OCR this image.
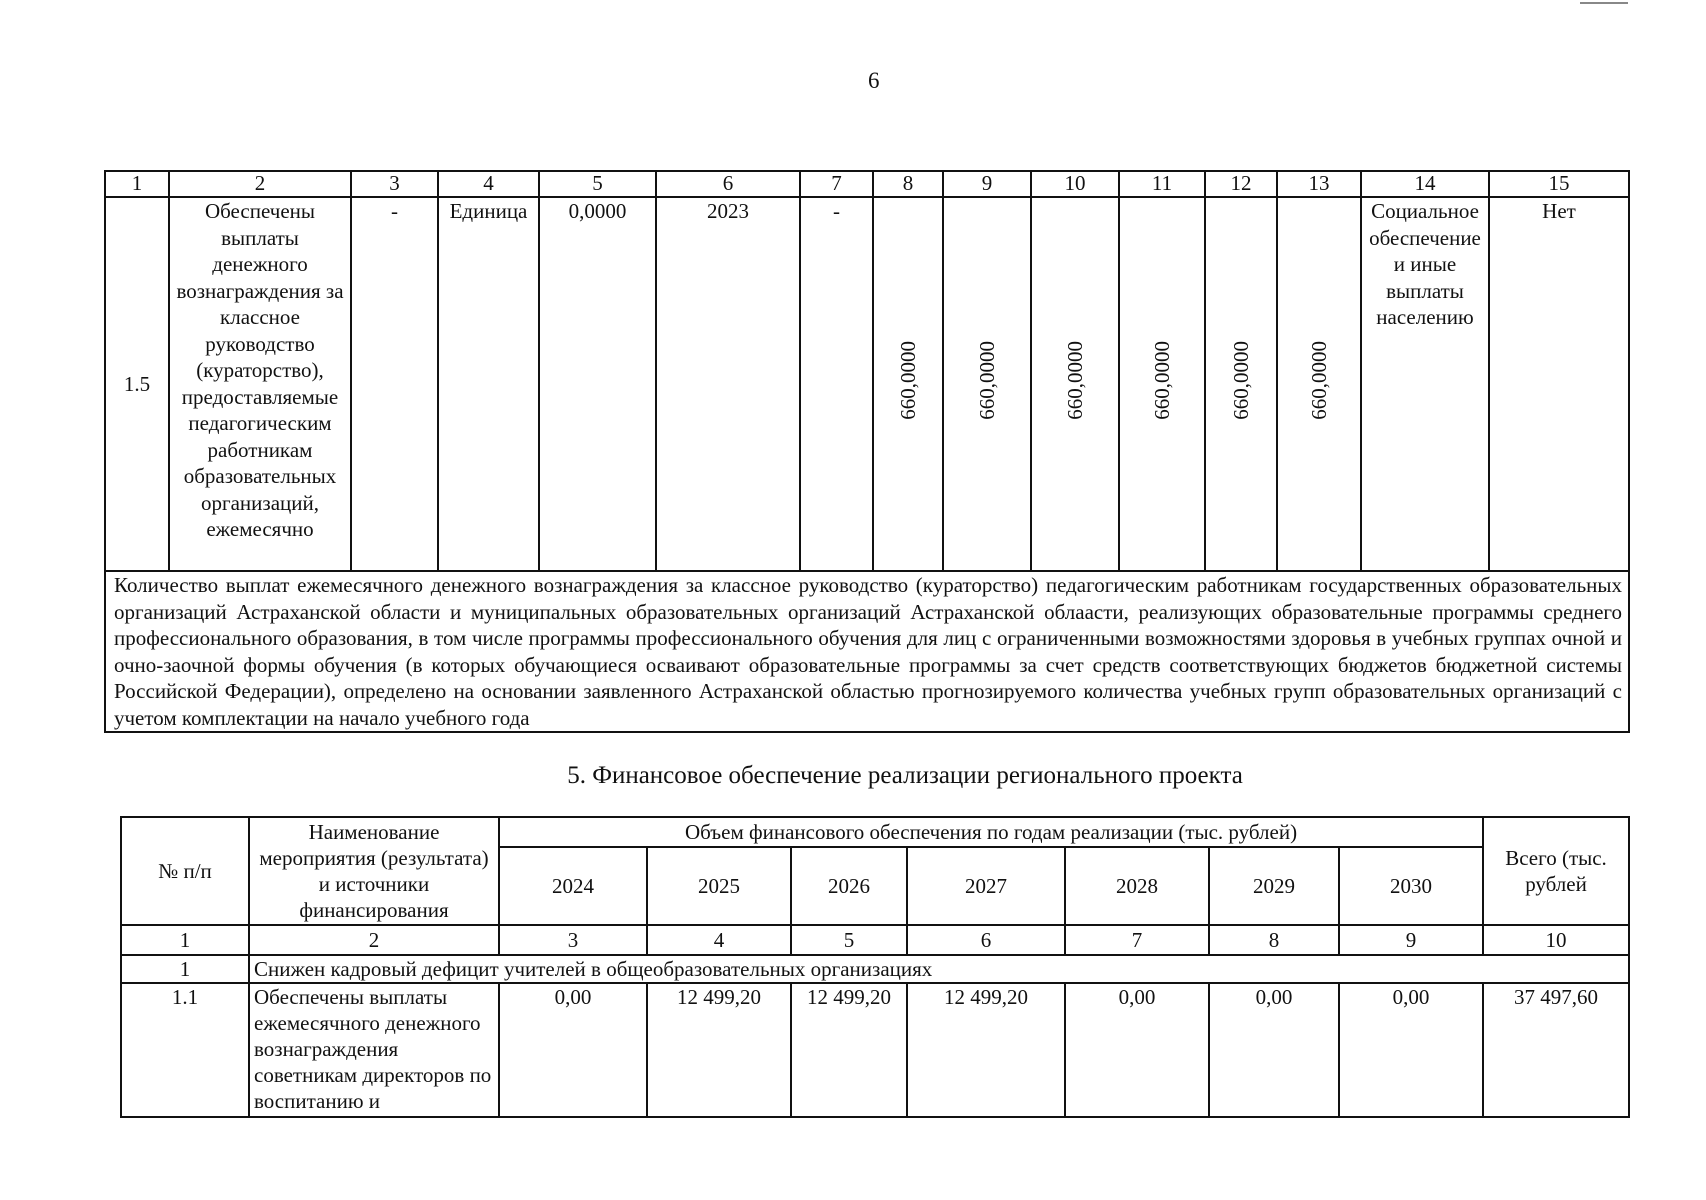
6
1	2	3	4	5	6	7	8	9	10	11	12	13	14	15
1.5	Обеспечены выплаты денежного вознаграждения за классное руководство (кураторство), предоставляемые педагогическим работникам образовательных организаций, ежемесячно	-	Единица	0,0000	2023	-	660,0000	660,0000	660,0000	660,0000	660,0000	660,0000	Социальное обеспечение и иные выплаты населению	Нет
Количество выплат ежемесячного денежного вознаграждения за классное руководство (кураторство) педагогическим работникам государственных образовательных организаций Астраханской области и муниципальных образовательных организаций Астраханской облаасти, реализующих образовательные программы среднего профессионального образования, в том числе программы профессионального обучения для лиц с ограниченными возможностями здоровья в учебных группах очной и очно-заочной формы обучения (в которых обучающиеся осваивают образовательные программы за счет средств соответствующих бюджетов бюджетной системы Российской Федерации), определено на основании заявленного Астраханской областью прогнозируемого количества учебных групп образовательных организаций с учетом комплектации на начало учебного года														
5. Финансовое обеспечение реализации регионального проекта
№ п/п	Наименование мероприятия (результата) и источники финансирования	Объем финансового обеспечения по годам реализации (тыс. рублей)							Всего (тыс. рублей
		2024	2025	2026	2027	2028	2029	2030	
1	2	3	4	5	6	7	8	9	10
1	Снижен кадровый дефицит учителей в общеобразовательных организациях								
1.1	Обеспечены выплаты ежемесячного денежного вознаграждения советникам директоров по воспитанию и	0,00	12 499,20	12 499,20	12 499,20	0,00	0,00	0,00	37 497,60
